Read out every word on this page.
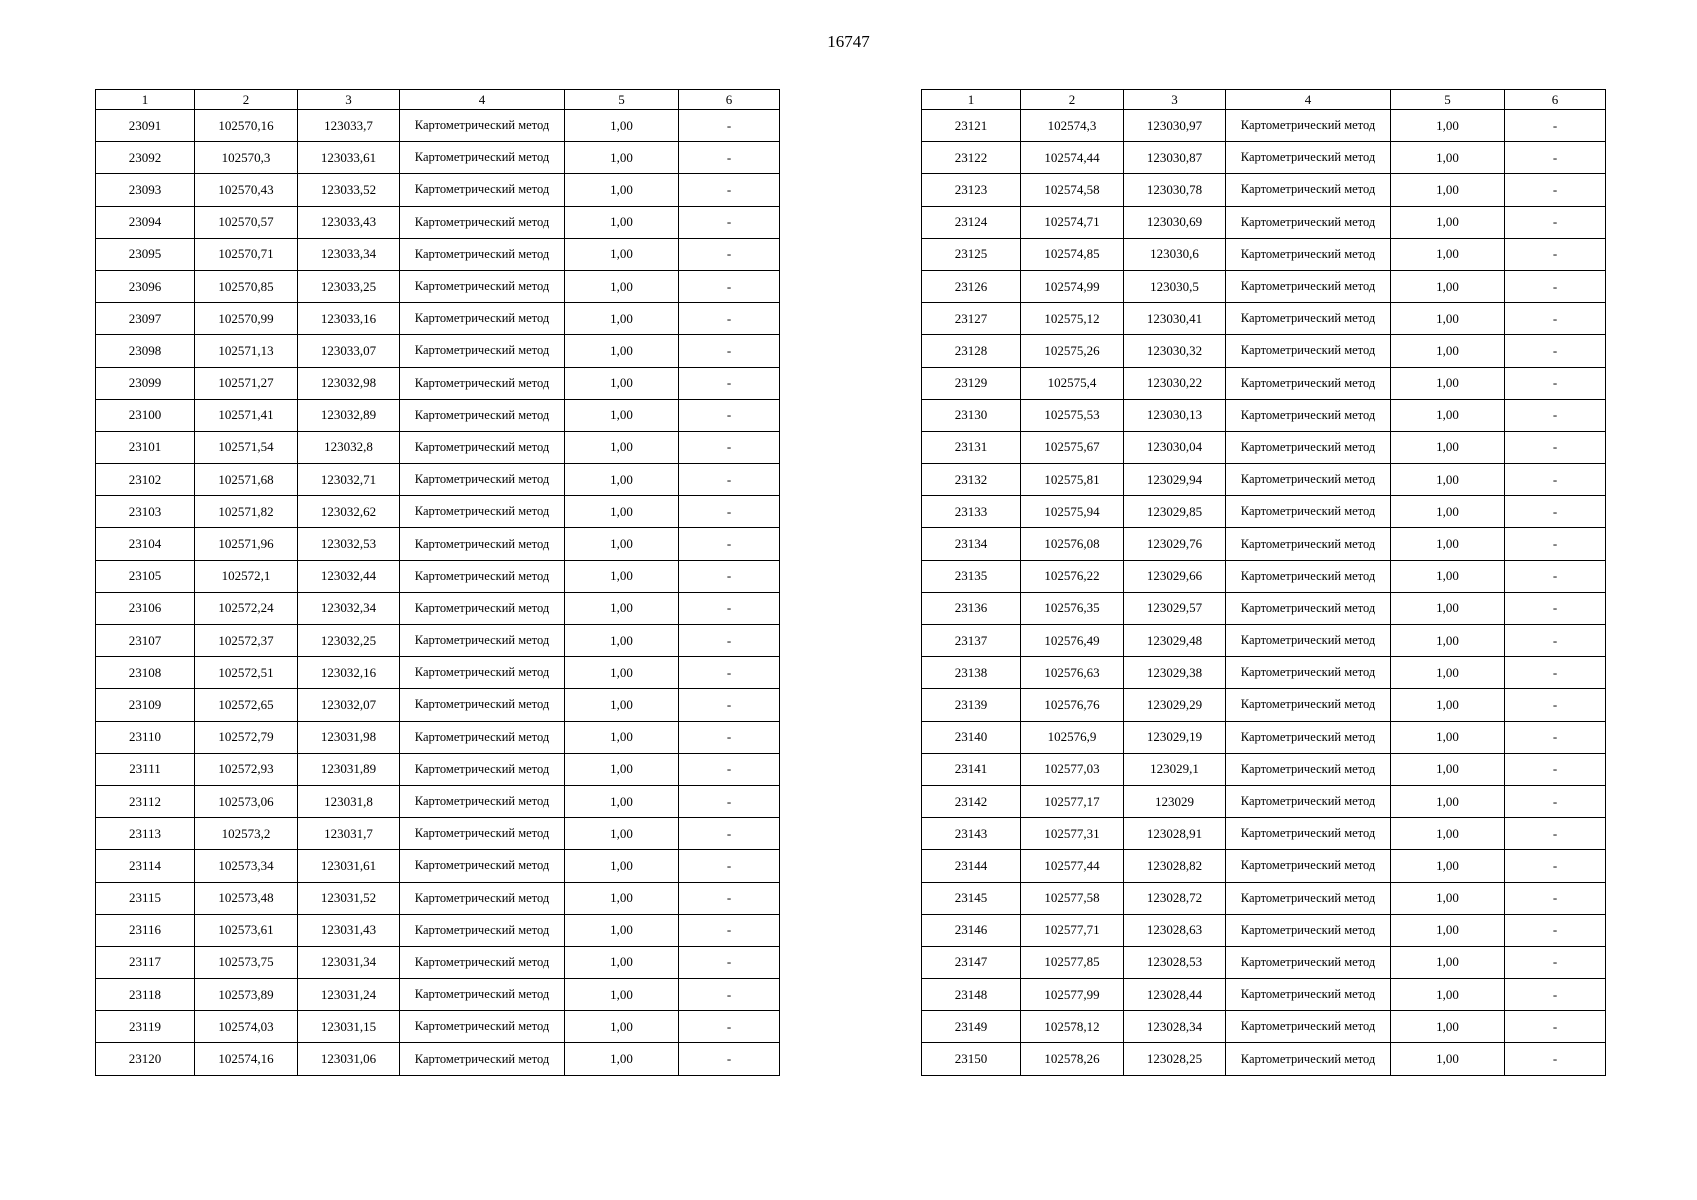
16747
1	2	3	4	5	6
23091	102570,16	123033,7	Картометрический метод	1,00	-
23092	102570,3	123033,61	Картометрический метод	1,00	-
23093	102570,43	123033,52	Картометрический метод	1,00	-
23094	102570,57	123033,43	Картометрический метод	1,00	-
23095	102570,71	123033,34	Картометрический метод	1,00	-
23096	102570,85	123033,25	Картометрический метод	1,00	-
23097	102570,99	123033,16	Картометрический метод	1,00	-
23098	102571,13	123033,07	Картометрический метод	1,00	-
23099	102571,27	123032,98	Картометрический метод	1,00	-
23100	102571,41	123032,89	Картометрический метод	1,00	-
23101	102571,54	123032,8	Картометрический метод	1,00	-
23102	102571,68	123032,71	Картометрический метод	1,00	-
23103	102571,82	123032,62	Картометрический метод	1,00	-
23104	102571,96	123032,53	Картометрический метод	1,00	-
23105	102572,1	123032,44	Картометрический метод	1,00	-
23106	102572,24	123032,34	Картометрический метод	1,00	-
23107	102572,37	123032,25	Картометрический метод	1,00	-
23108	102572,51	123032,16	Картометрический метод	1,00	-
23109	102572,65	123032,07	Картометрический метод	1,00	-
23110	102572,79	123031,98	Картометрический метод	1,00	-
23111	102572,93	123031,89	Картометрический метод	1,00	-
23112	102573,06	123031,8	Картометрический метод	1,00	-
23113	102573,2	123031,7	Картометрический метод	1,00	-
23114	102573,34	123031,61	Картометрический метод	1,00	-
23115	102573,48	123031,52	Картометрический метод	1,00	-
23116	102573,61	123031,43	Картометрический метод	1,00	-
23117	102573,75	123031,34	Картометрический метод	1,00	-
23118	102573,89	123031,24	Картометрический метод	1,00	-
23119	102574,03	123031,15	Картометрический метод	1,00	-
23120	102574,16	123031,06	Картометрический метод	1,00	-
1	2	3	4	5	6
23121	102574,3	123030,97	Картометрический метод	1,00	-
23122	102574,44	123030,87	Картометрический метод	1,00	-
23123	102574,58	123030,78	Картометрический метод	1,00	-
23124	102574,71	123030,69	Картометрический метод	1,00	-
23125	102574,85	123030,6	Картометрический метод	1,00	-
23126	102574,99	123030,5	Картометрический метод	1,00	-
23127	102575,12	123030,41	Картометрический метод	1,00	-
23128	102575,26	123030,32	Картометрический метод	1,00	-
23129	102575,4	123030,22	Картометрический метод	1,00	-
23130	102575,53	123030,13	Картометрический метод	1,00	-
23131	102575,67	123030,04	Картометрический метод	1,00	-
23132	102575,81	123029,94	Картометрический метод	1,00	-
23133	102575,94	123029,85	Картометрический метод	1,00	-
23134	102576,08	123029,76	Картометрический метод	1,00	-
23135	102576,22	123029,66	Картометрический метод	1,00	-
23136	102576,35	123029,57	Картометрический метод	1,00	-
23137	102576,49	123029,48	Картометрический метод	1,00	-
23138	102576,63	123029,38	Картометрический метод	1,00	-
23139	102576,76	123029,29	Картометрический метод	1,00	-
23140	102576,9	123029,19	Картометрический метод	1,00	-
23141	102577,03	123029,1	Картометрический метод	1,00	-
23142	102577,17	123029	Картометрический метод	1,00	-
23143	102577,31	123028,91	Картометрический метод	1,00	-
23144	102577,44	123028,82	Картометрический метод	1,00	-
23145	102577,58	123028,72	Картометрический метод	1,00	-
23146	102577,71	123028,63	Картометрический метод	1,00	-
23147	102577,85	123028,53	Картометрический метод	1,00	-
23148	102577,99	123028,44	Картометрический метод	1,00	-
23149	102578,12	123028,34	Картометрический метод	1,00	-
23150	102578,26	123028,25	Картометрический метод	1,00	-
